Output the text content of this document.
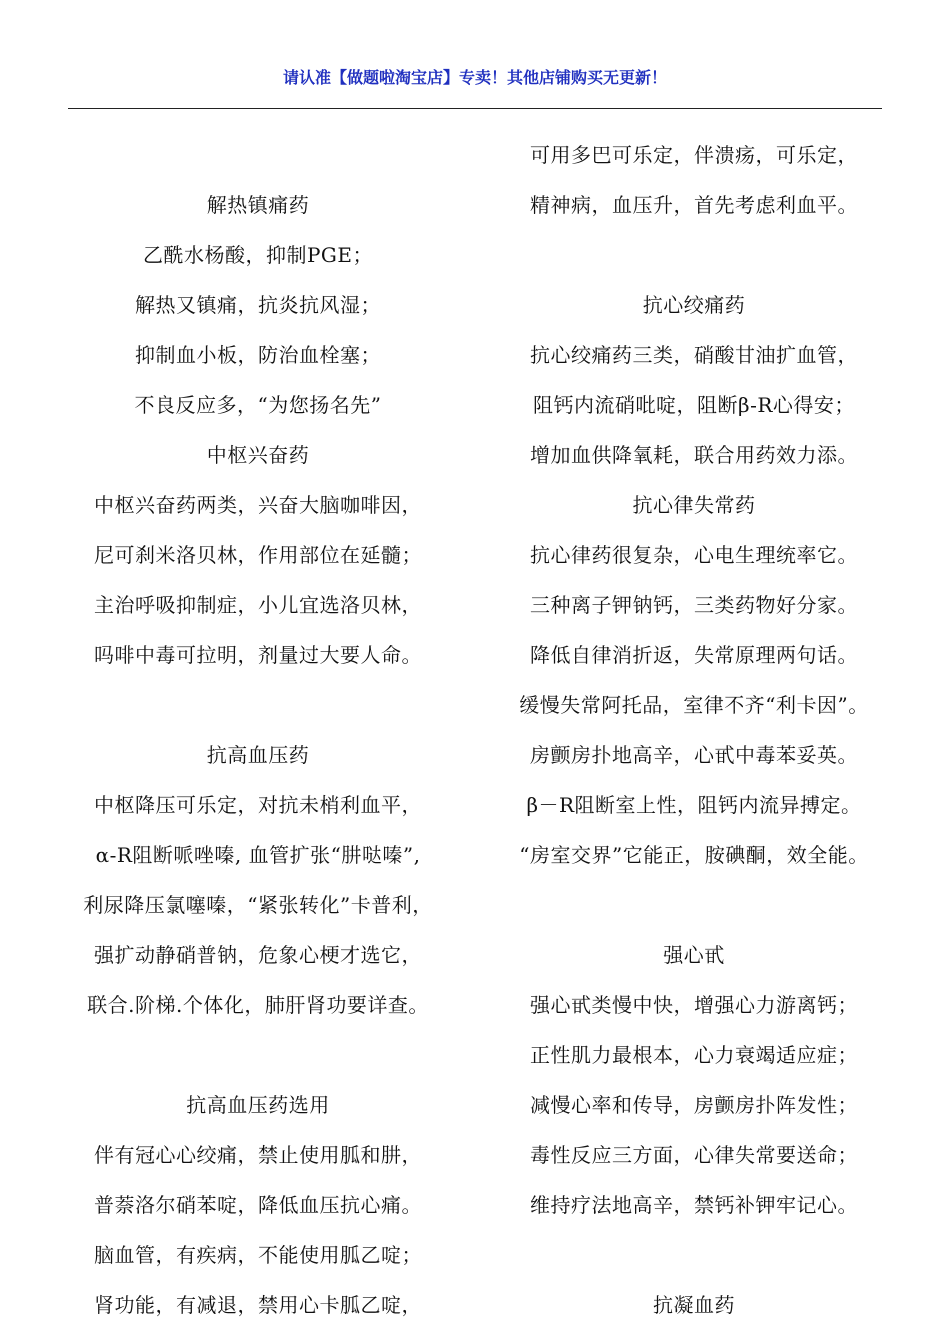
请认准【做题啦淘宝店】专卖！其他店铺购买无更新！
解热镇痛药
乙酰水杨酸，抑制PGE；
解热又镇痛，抗炎抗风湿；
抑制血小板，防治血栓塞；
不良反应多，“为您扬名先”
中枢兴奋药
中枢兴奋药两类，兴奋大脑咖啡因，
尼可刹米洛贝林，作用部位在延髓；
主治呼吸抑制症，小儿宜选洛贝林，
吗啡中毒可拉明，剂量过大要人命。
抗高血压药
中枢降压可乐定，对抗未梢利血平，
α-R阻断哌唑嗪, 血管扩张“肼哒嗪”,
利尿降压氯噻嗪，“紧张转化”卡普利，
强扩动静硝普钠，危象心梗才选它，
联合.阶梯.个体化，肺肝肾功要详查。
抗高血压药选用
伴有冠心心绞痛，禁止使用胍和肼，
普萘洛尔硝苯啶，降低血压抗心痛。
脑血管，有疾病，不能使用胍乙啶；
肾功能，有减退，禁用心卡胍乙啶，
可用多巴可乐定，伴溃疡，可乐定，
精神病，血压升，首先考虑利血平。
抗心绞痛药
抗心绞痛药三类，硝酸甘油扩血管，
阻钙内流硝吡啶，阻断β-R心得安；
增加血供降氧耗，联合用药效力添。
抗心律失常药
抗心律药很复杂，心电生理统率它。
三种离子钾钠钙，三类药物好分家。
降低自律消折返，失常原理两句话。
缓慢失常阿托品，室律不齐“利卡因”。
房颤房扑地高辛，心甙中毒苯妥英。
β－R阻断室上性，阻钙内流异搏定。
“房室交界”它能正，胺碘酮，效全能。
强心甙
强心甙类慢中快，增强心力游离钙；
正性肌力最根本，心力衰竭适应症；
减慢心率和传导，房颤房扑阵发性；
毒性反应三方面，心律失常要送命；
维持疗法地高辛，禁钙补钾牢记心。
抗凝血药
